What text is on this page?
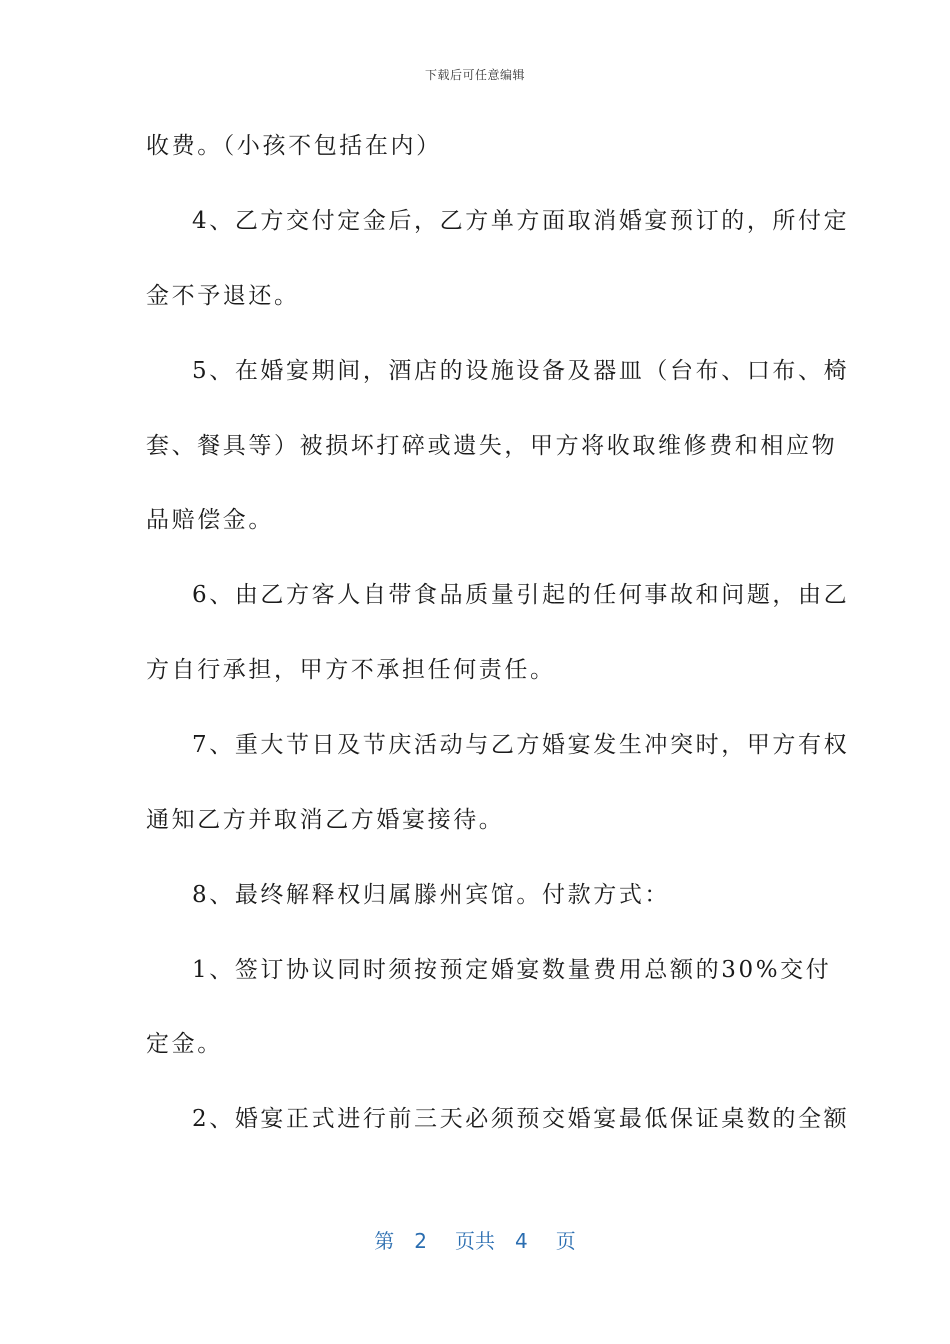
下载后可任意编辑
收费。（小孩不包括在内）
4、乙方交付定金后，乙方单方面取消婚宴预订的，所付定
金不予退还。
5、在婚宴期间，酒店的设施设备及器皿（台布、口布、椅
套、餐具等）被损坏打碎或遗失，甲方将收取维修费和相应物
品赔偿金。
6、由乙方客人自带食品质量引起的任何事故和问题，由乙
方自行承担，甲方不承担任何责任。
7、重大节日及节庆活动与乙方婚宴发生冲突时，甲方有权
通知乙方并取消乙方婚宴接待。
8、最终解释权归属滕州宾馆。付款方式：
1、签订协议同时须按预定婚宴数量费用总额的30%交付
定金。
2、婚宴正式进行前三天必须预交婚宴最低保证桌数的全额
第 2 页共 4 页
